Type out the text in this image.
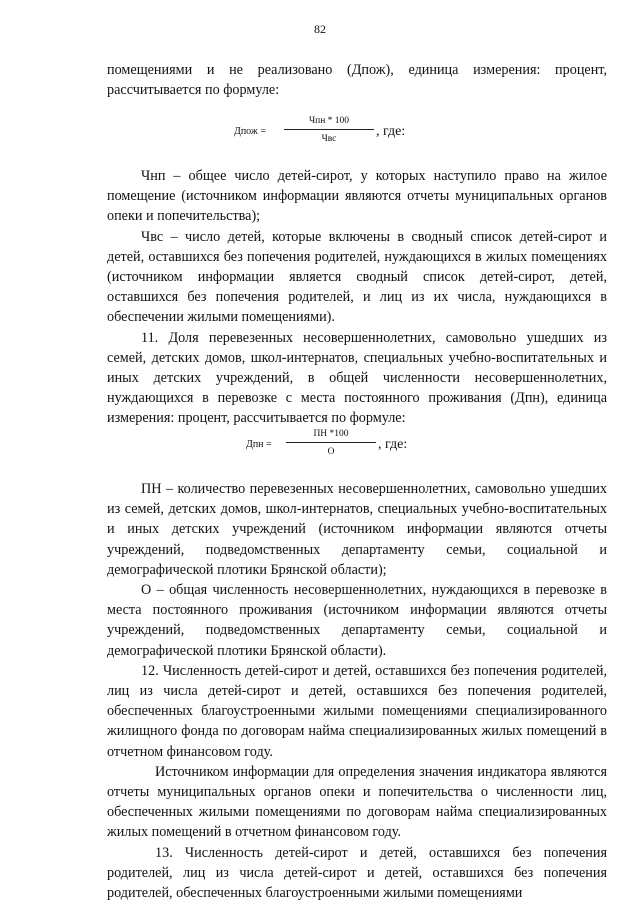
82

помещениями и не реализовано (Дпож), единица измерения: процент,

рассчитывается по формуле:

Дпож =
Чпн * 100
Чвс	, где:

Чнп – общее число детей-сирот, у которых наступило право на жилое помещение (источником информации являются отчеты муниципальных органов опеки и попечительства);

Чвс – число детей, которые включены в сводный список детей-сирот и детей, оставшихся без попечения родителей, нуждающихся в жилых помещениях (источником информации является сводный список детей-сирот, детей, оставшихся без попечения родителей, и лиц из их числа, нуждающихся в обеспечении жилыми помещениями).

11. Доля перевезенных несовершеннолетних, самовольно ушедших из семей, детских домов, школ-интернатов, специальных учебно-воспитательных и иных детских учреждений, в общей численности несовершеннолетних, нуждающихся в перевозке с места постоянного проживания (Дпн), единица измерения: процент, рассчитывается по формуле:

Дпн =
ПН *100
О	, где:

ПН – количество перевезенных несовершеннолетних, самовольно ушедших из семей, детских домов, школ-интернатов, специальных учебно-воспитательных и иных детских учреждений (источником информации являются отчеты учреждений, подведомственных департаменту семьи, социальной и демографической плотики Брянской области);

О – общая численность несовершеннолетних, нуждающихся в перевозке в места постоянного проживания (источником информации являются отчеты учреждений, подведомственных департаменту семьи, социальной и демографической плотики Брянской области).

12. Численность детей-сирот и детей, оставшихся без попечения родителей, лиц из числа детей-сирот и детей, оставшихся без попечения родителей, обеспеченных благоустроенными жилыми помещениями специализированного жилищного фонда по договорам найма специализированных жилых помещений в отчетном финансовом году.

Источником информации для определения значения индикатора являются отчеты муниципальных органов опеки и попечительства о численности лиц, обеспеченных жилыми помещениями по договорам найма специализированных жилых помещений в отчетном финансовом году.

13. Численность детей-сирот и детей, оставшихся без попечения родителей, лиц из числа детей-сирот и детей, оставшихся без попечения родителей, обеспеченных благоустроенными жилыми помещениями
